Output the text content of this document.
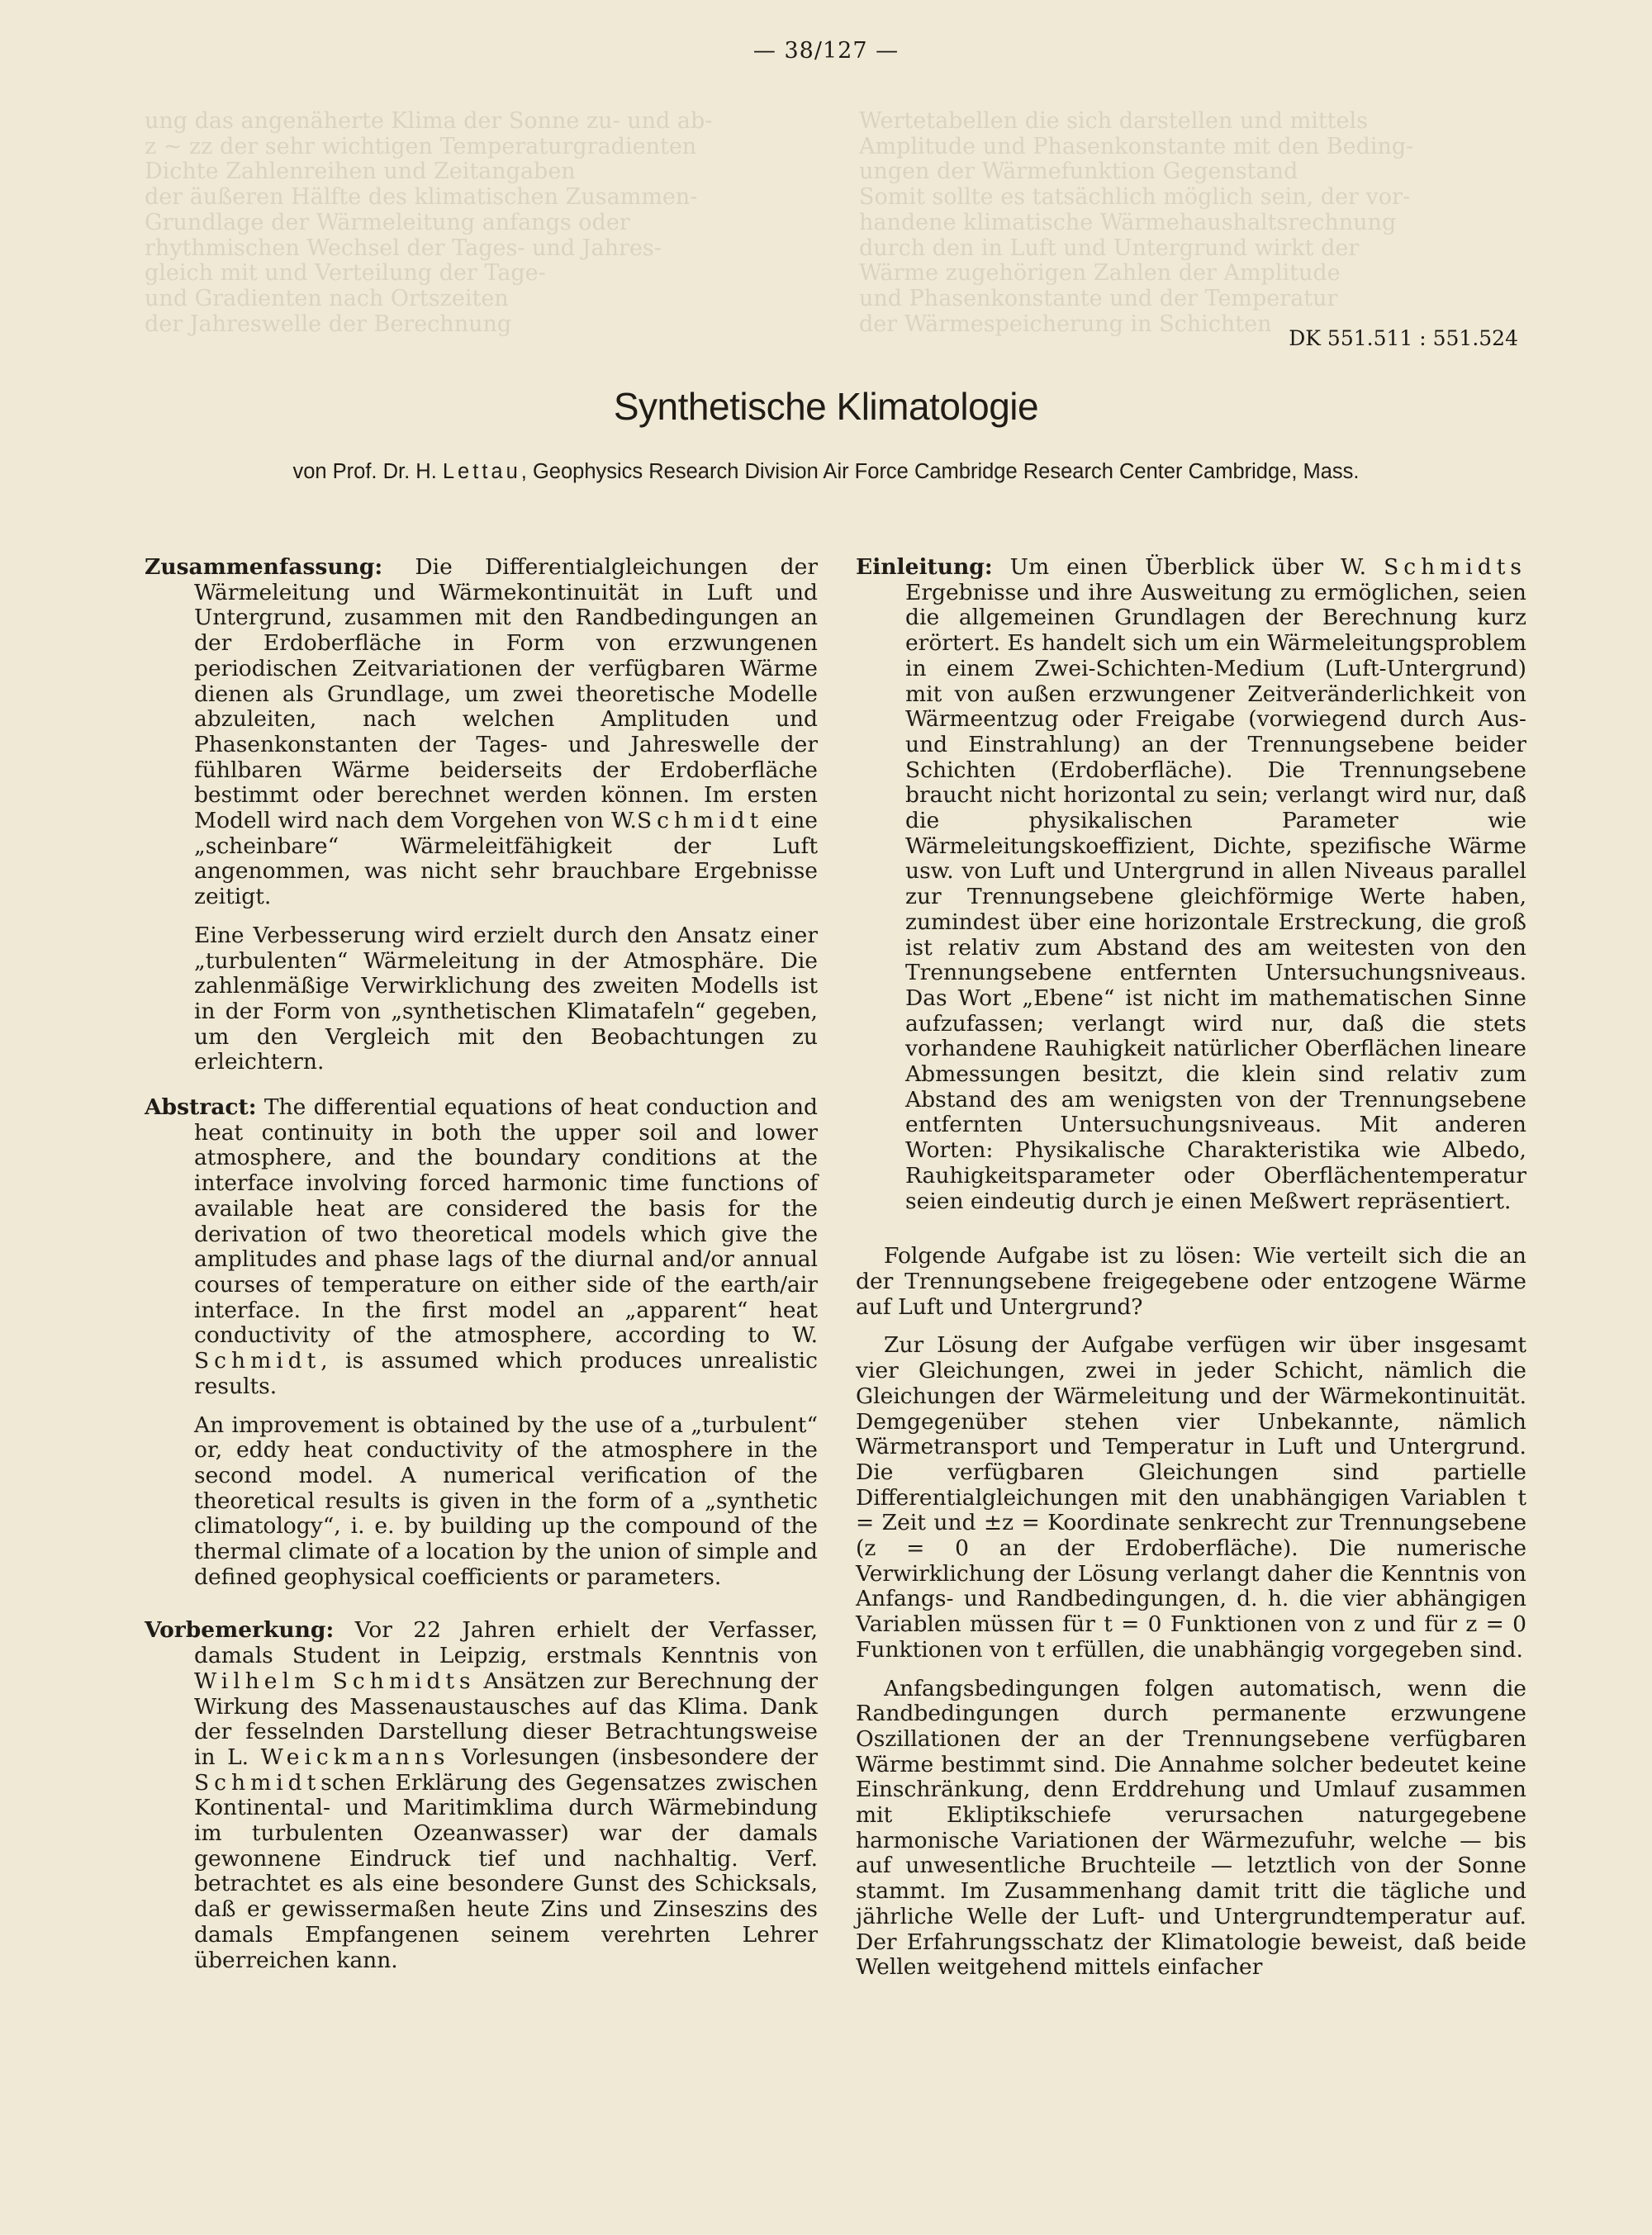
ung das angenäherte Klima der Sonne zu- und ab-
z ~ zz der sehr wichtigen Temperaturgradienten
Dichte Zahlenreihen und Zeitangaben
der äußeren Hälfte des klimatischen Zusammen-
Grundlage der Wärmeleitung anfangs oder
rhythmischen Wechsel der Tages- und Jahres-
gleich mit und Verteilung der Tage-
und Gradienten nach Ortszeiten
der Jahreswelle der Berechnung
Wertetabellen die sich darstellen und mittels
Amplitude und Phasenkonstante mit den Beding-
ungen der Wärmefunktion Gegenstand
Somit sollte es tatsächlich möglich sein, der vor-
handene klimatische Wärmehaushaltsrechnung
durch den in Luft und Untergrund wirkt der
Wärme zugehörigen Zahlen der Amplitude
und Phasenkonstante und der Temperatur
der Wärmespeicherung in Schichten
— 38/127 —
DK 551.511 : 551.524
Synthetische Klimatologie
von Prof. Dr. H. Lettau, Geophysics Research Division Air Force Cambridge Research Center Cambridge, Mass.

Zusammenfassung: Die Differentialgleichungen der Wärmeleitung und Wärmekontinuität in Luft und Untergrund, zusammen mit den Randbedingungen an der Erdoberfläche in Form von erzwungenen periodischen Zeitvariationen der verfügbaren Wärme dienen als Grundlage, um zwei theoretische Modelle abzuleiten, nach welchen Amplituden und Phasenkonstanten der Tages- und Jahreswelle der fühlbaren Wärme beiderseits der Erdoberfläche bestimmt oder berechnet werden können. Im ersten Modell wird nach dem Vorgehen von W.Schmidt eine „scheinbare“ Wärmeleitfähigkeit der Luft angenommen, was nicht sehr brauchbare Ergebnisse zeitigt.

Eine Verbesserung wird erzielt durch den Ansatz einer „turbulenten“ Wärmeleitung in der Atmosphäre. Die zahlenmäßige Verwirklichung des zweiten Modells ist in der Form von „synthetischen Klimatafeln“ gegeben, um den Vergleich mit den Beobachtungen zu erleichtern.

Abstract: The differential equations of heat conduction and heat continuity in both the upper soil and lower atmosphere, and the boundary conditions at the interface involving forced harmonic time functions of available heat are considered the basis for the derivation of two theoretical models which give the amplitudes and phase lags of the diurnal and/or annual courses of temperature on either side of the earth/air interface. In the first model an „apparent“ heat conductivity of the atmosphere, according to W. Schmidt, is assumed which produces unrealistic results.

An improvement is obtained by the use of a „turbulent“ or, eddy heat conductivity of the atmosphere in the second model. A numerical verification of the theoretical results is given in the form of a „synthetic climatology“, i. e. by building up the compound of the thermal climate of a location by the union of simple and defined geophysical coefficients or parameters.

Vorbemerkung: Vor 22 Jahren erhielt der Verfasser, damals Student in Leipzig, erstmals Kenntnis von Wilhelm Schmidts Ansätzen zur Berechnung der Wirkung des Massenaustausches auf das Klima. Dank der fesselnden Darstellung dieser Betrachtungsweise in L. Weickmanns Vorlesungen (insbesondere der Schmidtschen Erklärung des Gegensatzes zwischen Kontinental- und Maritimklima durch Wärmebindung im turbulenten Ozeanwasser) war der damals gewonnene Eindruck tief und nachhaltig. Verf. betrachtet es als eine besondere Gunst des Schicksals, daß er gewissermaßen heute Zins und Zinseszins des damals Empfangenen seinem verehrten Lehrer überreichen kann.

Einleitung: Um einen Überblick über W. Schmidts Ergebnisse und ihre Ausweitung zu ermöglichen, seien die allgemeinen Grundlagen der Berechnung kurz erörtert. Es handelt sich um ein Wärmeleitungsproblem in einem Zwei-Schichten-Medium (Luft-Untergrund) mit von außen erzwungener Zeitveränderlichkeit von Wärmeentzug oder Freigabe (vorwiegend durch Aus- und Einstrahlung) an der Trennungsebene beider Schichten (Erdoberfläche). Die Trennungsebene braucht nicht horizontal zu sein; verlangt wird nur, daß die physikalischen Parameter wie Wärmeleitungskoeffizient, Dichte, spezifische Wärme usw. von Luft und Untergrund in allen Niveaus parallel zur Trennungsebene gleichförmige Werte haben, zumindest über eine horizontale Erstreckung, die groß ist relativ zum Abstand des am weitesten von den Trennungsebene entfernten Untersuchungsniveaus. Das Wort „Ebene“ ist nicht im mathematischen Sinne aufzufassen; verlangt wird nur, daß die stets vorhandene Rauhigkeit natürlicher Oberflächen lineare Abmessungen besitzt, die klein sind relativ zum Abstand des am wenigsten von der Trennungsebene entfernten Untersuchungsniveaus. Mit anderen Worten: Physikalische Charakteristika wie Albedo, Rauhigkeitsparameter oder Oberflächentemperatur seien eindeutig durch je einen Meßwert repräsentiert.

Folgende Aufgabe ist zu lösen: Wie verteilt sich die an der Trennungsebene freigegebene oder entzogene Wärme auf Luft und Untergrund?

Zur Lösung der Aufgabe verfügen wir über insgesamt vier Gleichungen, zwei in jeder Schicht, nämlich die Gleichungen der Wärmeleitung und der Wärmekontinuität. Demgegenüber stehen vier Unbekannte, nämlich Wärmetransport und Temperatur in Luft und Untergrund. Die verfügbaren Gleichungen sind partielle Differentialgleichungen mit den unabhängigen Variablen t = Zeit und ±z = Koordinate senkrecht zur Trennungsebene (z = 0 an der Erdoberfläche). Die numerische Verwirklichung der Lösung verlangt daher die Kenntnis von Anfangs- und Randbedingungen, d. h. die vier abhängigen Variablen müssen für t = 0 Funktionen von z und für z = 0 Funktionen von t erfüllen, die unabhängig vorgegeben sind.

Anfangsbedingungen folgen automatisch, wenn die Randbedingungen durch permanente erzwungene Oszillationen der an der Trennungsebene verfügbaren Wärme bestimmt sind. Die Annahme solcher bedeutet keine Einschränkung, denn Erddrehung und Umlauf zusammen mit Ekliptikschiefe verursachen naturgegebene harmonische Variationen der Wärmezufuhr, welche — bis auf unwesentliche Bruchteile — letztlich von der Sonne stammt. Im Zusammenhang damit tritt die tägliche und jährliche Welle der Luft- und Untergrundtemperatur auf. Der Erfahrungsschatz der Klimatologie beweist, daß beide Wellen weitgehend mittels einfacher
